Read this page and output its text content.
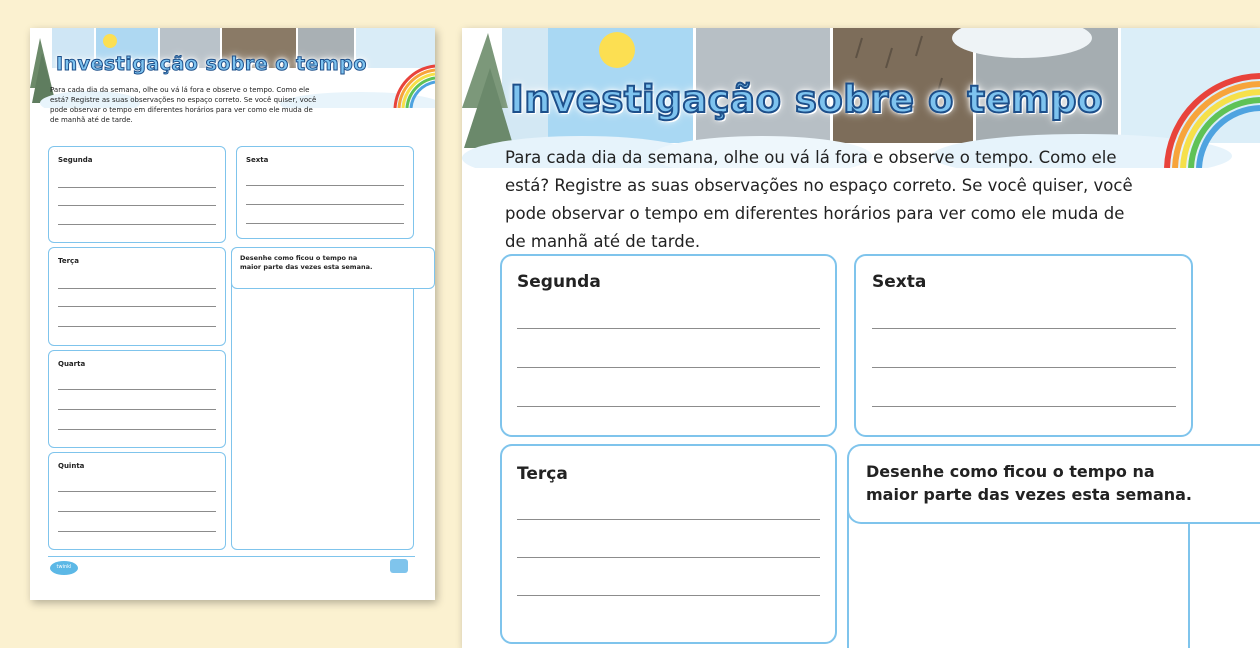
Investigação sobre o tempo
Para cada dia da semana, olhe ou vá lá fora e observe o tempo. Como ele
está? Registre as suas observações no espaço correto. Se você quiser, você
pode observar o tempo em diferentes horários para ver como ele muda de
de manhã até de tarde.
Segunda
Terça
Quarta
Quinta
Sexta
Desenhe como ficou o tempo na
maior parte das vezes esta semana.
twinkl
Investigação sobre o tempo
Para cada dia da semana, olhe ou vá lá fora e observe o tempo. Como ele
está? Registre as suas observações no espaço correto. Se você quiser, você
pode observar o tempo em diferentes horários para ver como ele muda de
de manhã até de tarde.
Segunda	Sexta
Terça	Desenhe como ficou o tempo na
maior parte das vezes esta semana.
